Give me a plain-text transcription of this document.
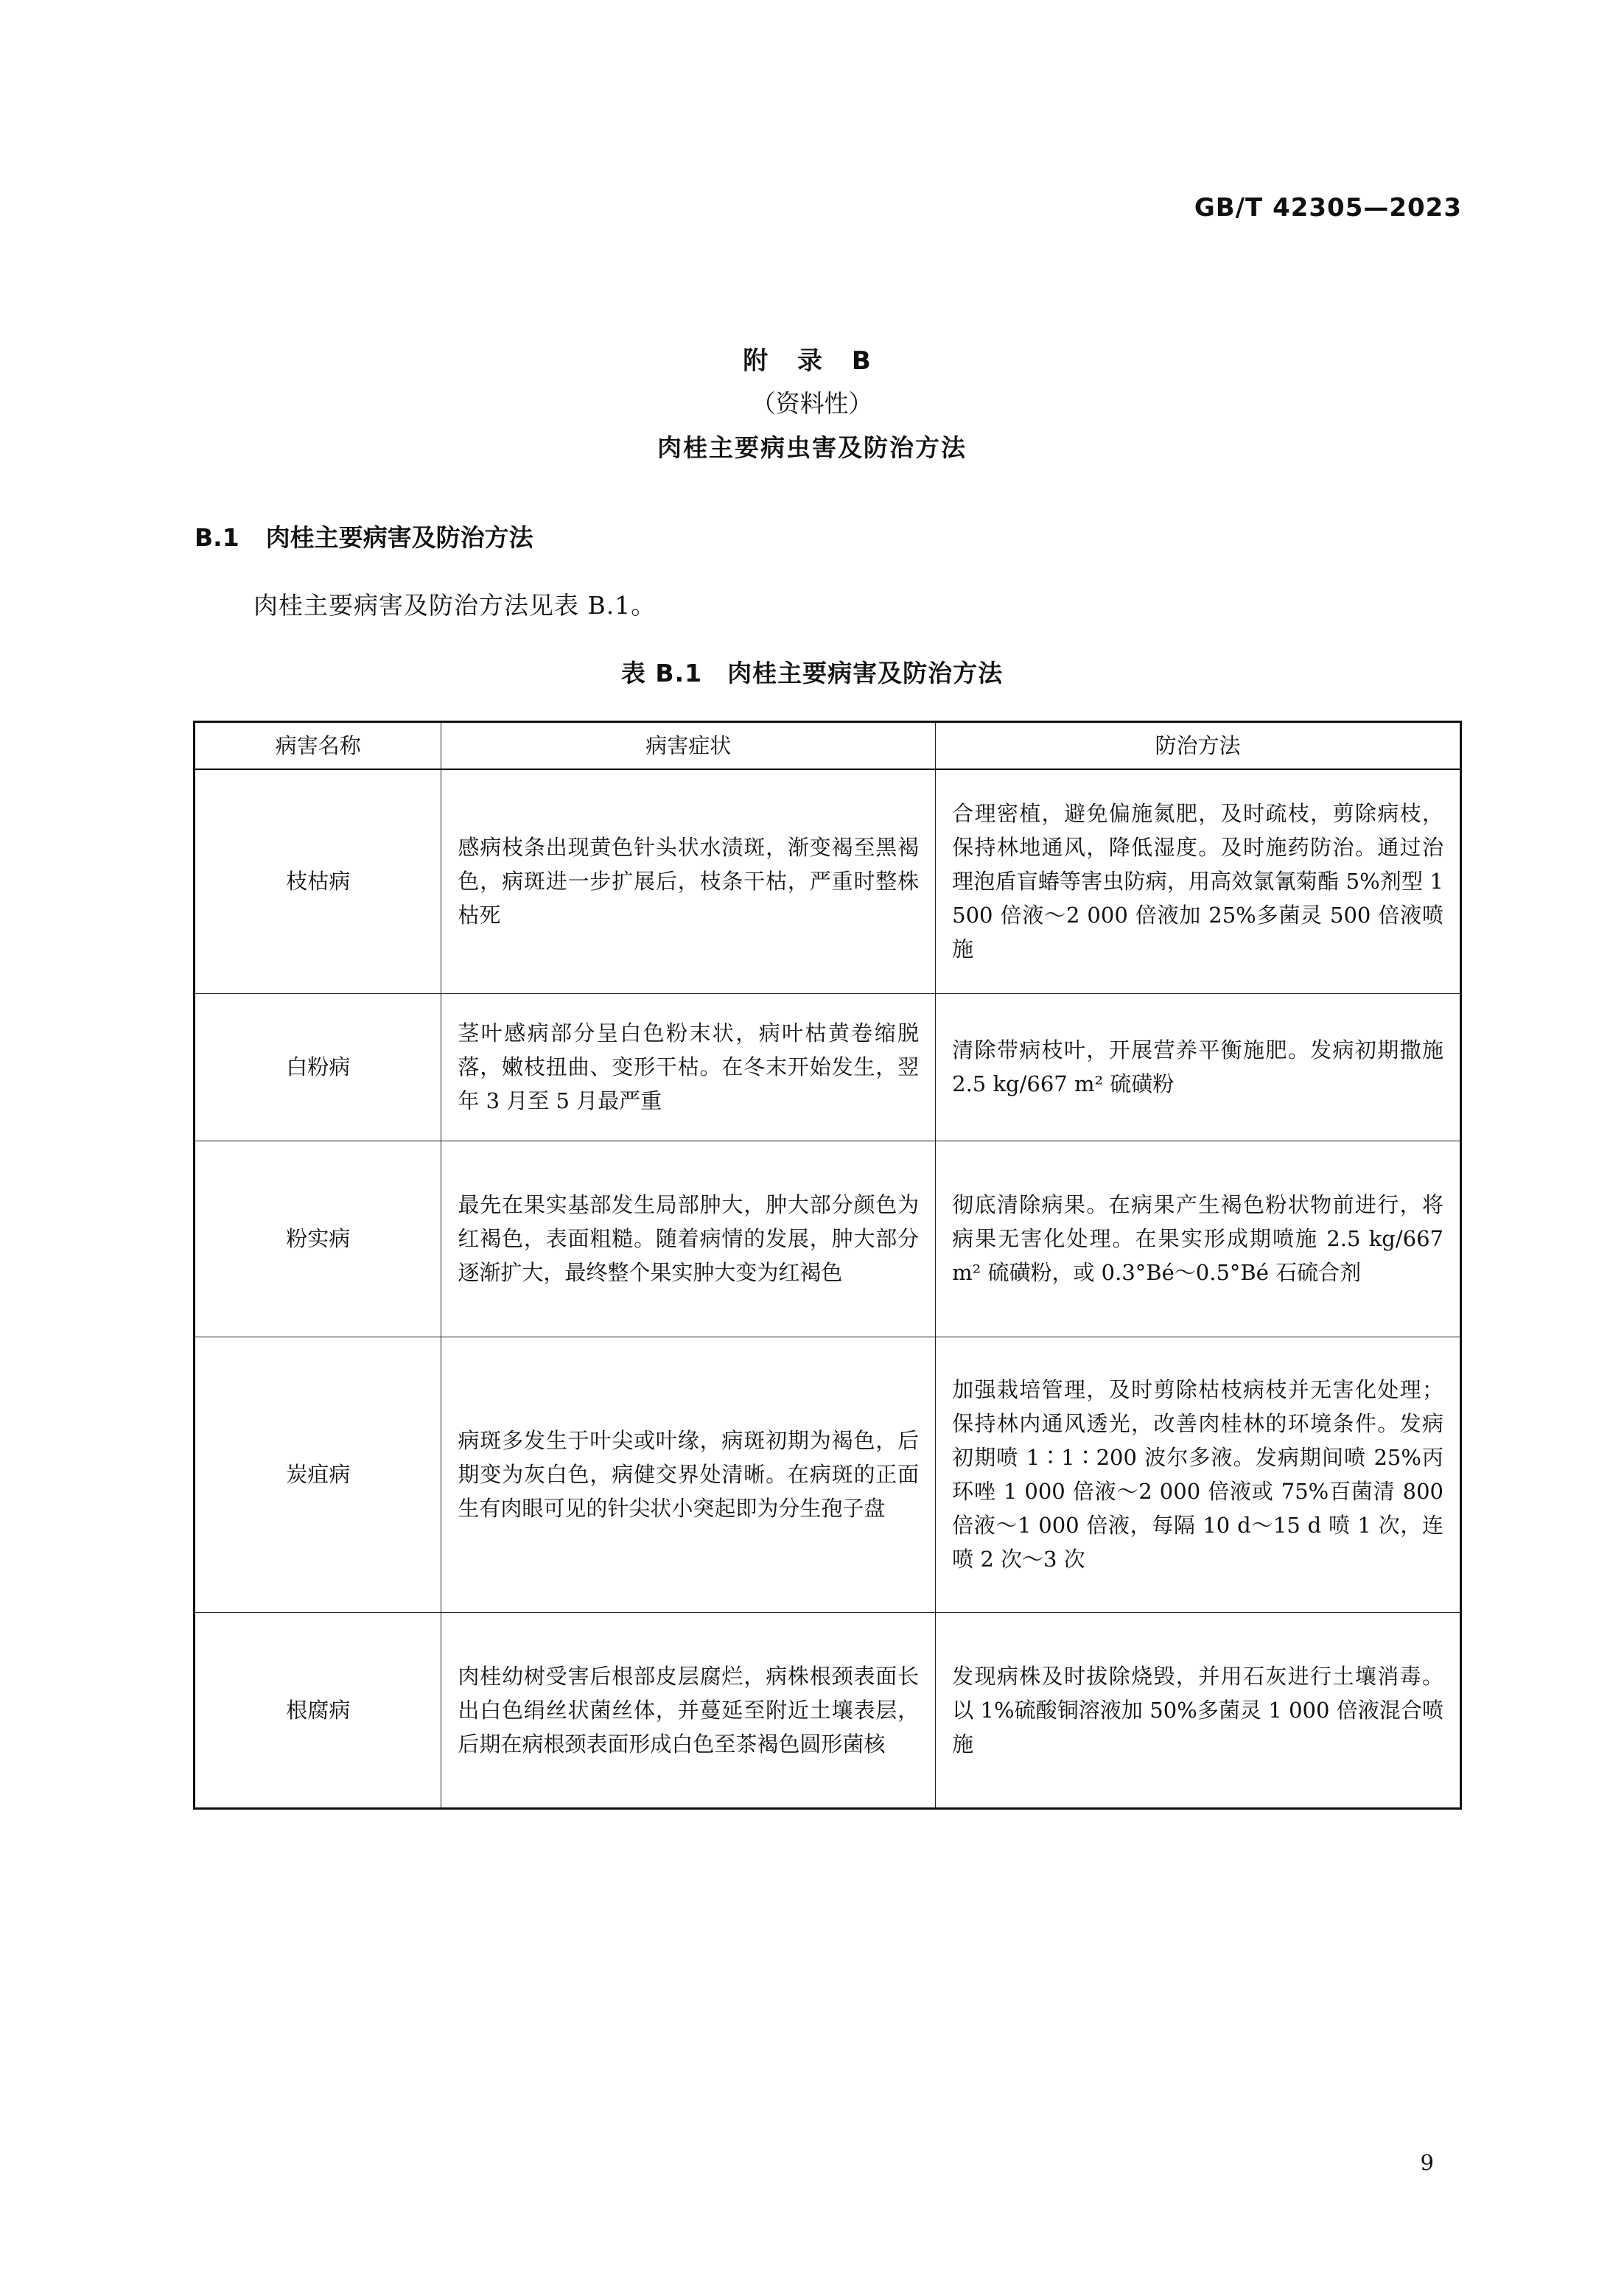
GB/T 42305—2023
附 录 B
（资料性）
肉桂主要病虫害及防治方法
B.1 肉桂主要病害及防治方法
肉桂主要病害及防治方法见表 B.1。
表 B.1 肉桂主要病害及防治方法
病害名称	病害症状	防治方法
枝枯病	感病枝条出现黄色针头状水渍斑，渐变褐至黑褐色，病斑进一步扩展后，枝条干枯，严重时整株枯死	合理密植，避免偏施氮肥，及时疏枝，剪除病枝，保持林地通风，降低湿度。及时施药防治。通过治理泡盾盲蝽等害虫防病，用高效氯氰菊酯 5%剂型 1 500 倍液～2 000 倍液加 25%多菌灵 500 倍液喷施
白粉病	茎叶感病部分呈白色粉末状，病叶枯黄卷缩脱落，嫩枝扭曲、变形干枯。在冬末开始发生，翌年 3 月至 5 月最严重	清除带病枝叶，开展营养平衡施肥。发病初期撒施 2.5 kg/667 m² 硫磺粉
粉实病	最先在果实基部发生局部肿大，肿大部分颜色为红褐色，表面粗糙。随着病情的发展，肿大部分逐渐扩大，最终整个果实肿大变为红褐色	彻底清除病果。在病果产生褐色粉状物前进行，将病果无害化处理。在果实形成期喷施 2.5 kg/667 m² 硫磺粉，或 0.3°Bé～0.5°Bé 石硫合剂
炭疽病	病斑多发生于叶尖或叶缘，病斑初期为褐色，后期变为灰白色，病健交界处清晰。在病斑的正面生有肉眼可见的针尖状小突起即为分生孢子盘	加强栽培管理，及时剪除枯枝病枝并无害化处理；保持林内通风透光，改善肉桂林的环境条件。发病初期喷 1∶1∶200 波尔多液。发病期间喷 25%丙环唑 1 000 倍液～2 000 倍液或 75%百菌清 800 倍液～1 000 倍液，每隔 10 d～15 d 喷 1 次，连喷 2 次～3 次
根腐病	肉桂幼树受害后根部皮层腐烂，病株根颈表面长出白色绢丝状菌丝体，并蔓延至附近土壤表层，后期在病根颈表面形成白色至茶褐色圆形菌核	发现病株及时拔除烧毁，并用石灰进行土壤消毒。以 1%硫酸铜溶液加 50%多菌灵 1 000 倍液混合喷施
9
